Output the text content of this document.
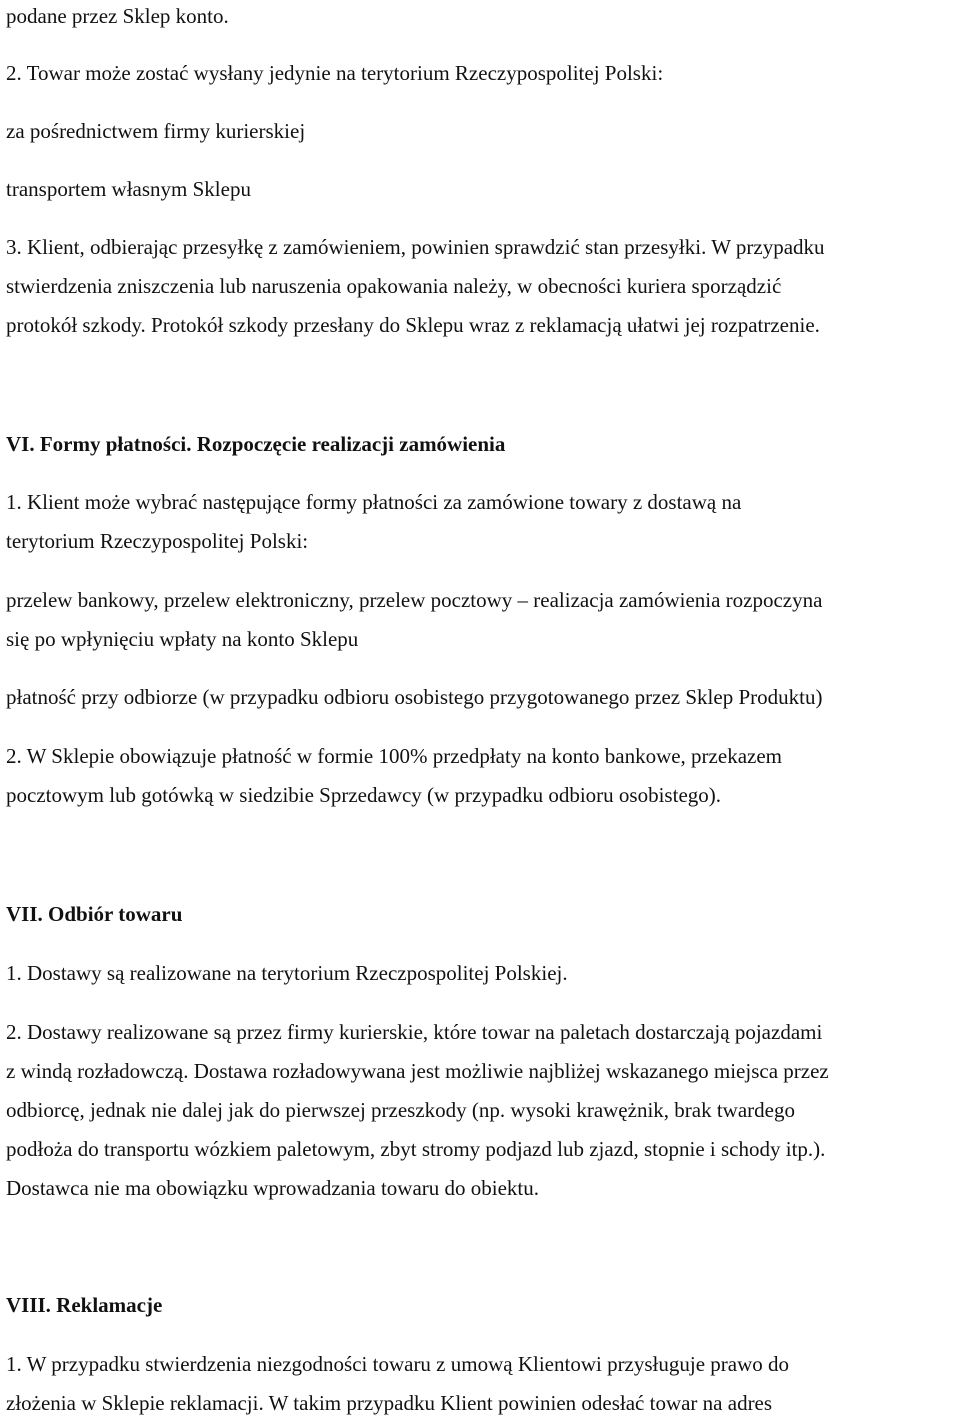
podane przez Sklep konto.

2. Towar może zostać wysłany jedynie na terytorium Rzeczypospolitej Polski:

za pośrednictwem firmy kurierskiej

transportem własnym Sklepu

3. Klient, odbierając przesyłkę z zamówieniem, powinien sprawdzić stan przesyłki. W przypadku

stwierdzenia zniszczenia lub naruszenia opakowania należy, w obecności kuriera sporządzić

protokół szkody. Protokół szkody przesłany do Sklepu wraz z reklamacją ułatwi jej rozpatrzenie.

VI. Formy płatności. Rozpoczęcie realizacji zamówienia

1. Klient może wybrać następujące formy płatności za zamówione towary z dostawą na

terytorium Rzeczypospolitej Polski:

przelew bankowy, przelew elektroniczny, przelew pocztowy – realizacja zamówienia rozpoczyna

się po wpłynięciu wpłaty na konto Sklepu

płatność przy odbiorze (w przypadku odbioru osobistego przygotowanego przez Sklep Produktu)

2. W Sklepie obowiązuje płatność w formie 100% przedpłaty na konto bankowe, przekazem

pocztowym lub gotówką w siedzibie Sprzedawcy (w przypadku odbioru osobistego).

VII. Odbiór towaru

1. Dostawy są realizowane na terytorium Rzeczpospolitej Polskiej.

2. Dostawy realizowane są przez firmy kurierskie, które towar na paletach dostarczają pojazdami

z windą rozładowczą. Dostawa rozładowywana jest możliwie najbliżej wskazanego miejsca przez

odbiorcę, jednak nie dalej jak do pierwszej przeszkody (np. wysoki krawężnik, brak twardego

podłoża do transportu wózkiem paletowym, zbyt stromy podjazd lub zjazd, stopnie i schody itp.).

Dostawca nie ma obowiązku wprowadzania towaru do obiektu.

VIII. Reklamacje

1. W przypadku stwierdzenia niezgodności towaru z umową Klientowi przysługuje prawo do

złożenia w Sklepie reklamacji. W takim przypadku Klient powinien odesłać towar na adres
